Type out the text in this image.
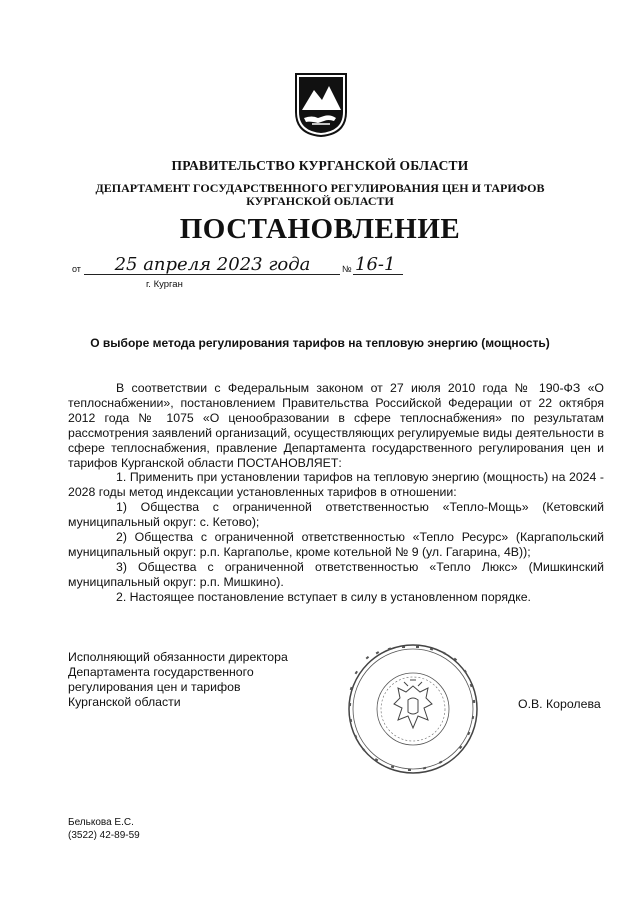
ПРАВИТЕЛЬСТВО КУРГАНСКОЙ ОБЛАСТИ
ДЕПАРТАМЕНТ ГОСУДАРСТВЕННОГО РЕГУЛИРОВАНИЯ ЦЕН И ТАРИФОВ КУРГАНСКОЙ ОБЛАСТИ
ПОСТАНОВЛЕНИЕ
от	25 апреля 2023 года	№ 16-1
г. Курган
О выборе метода регулирования тарифов на тепловую энергию (мощность)

В соответствии с Федеральным законом от 27 июля 2010 года № 190-ФЗ «О теплоснабжении», постановлением Правительства Российской Федерации от 22 октября 2012 года № 1075 «О ценообразовании в сфере теплоснабжения» по результатам рассмотрения заявлений организаций, осуществляющих регулируемые виды деятельности в сфере теплоснабжения, правление Департамента государственного регулирования цен и тарифов Курганской области ПОСТАНОВЛЯЕТ:

1. Применить при установлении тарифов на тепловую энергию (мощность) на 2024 - 2028 годы метод индексации установленных тарифов в отношении:

1) Общества с ограниченной ответственностью «Тепло-Мощь» (Кетовский муниципальный округ: с. Кетово);

2) Общества с ограниченной ответственностью «Тепло Ресурс» (Каргапольский муниципальный округ: р.п. Каргаполье, кроме котельной № 9 (ул. Гагарина, 4В));

3) Общества с ограниченной ответственностью «Тепло Люкс» (Мишкинский муниципальный округ: р.п. Мишкино).

2. Настоящее постановление вступает в силу в установленном порядке.

Исполняющий обязанности директора
Департамента государственного
регулирования цен и тарифов
Курганской области	О.В. Королева
Белькова Е.С.
(3522) 42-89-59
